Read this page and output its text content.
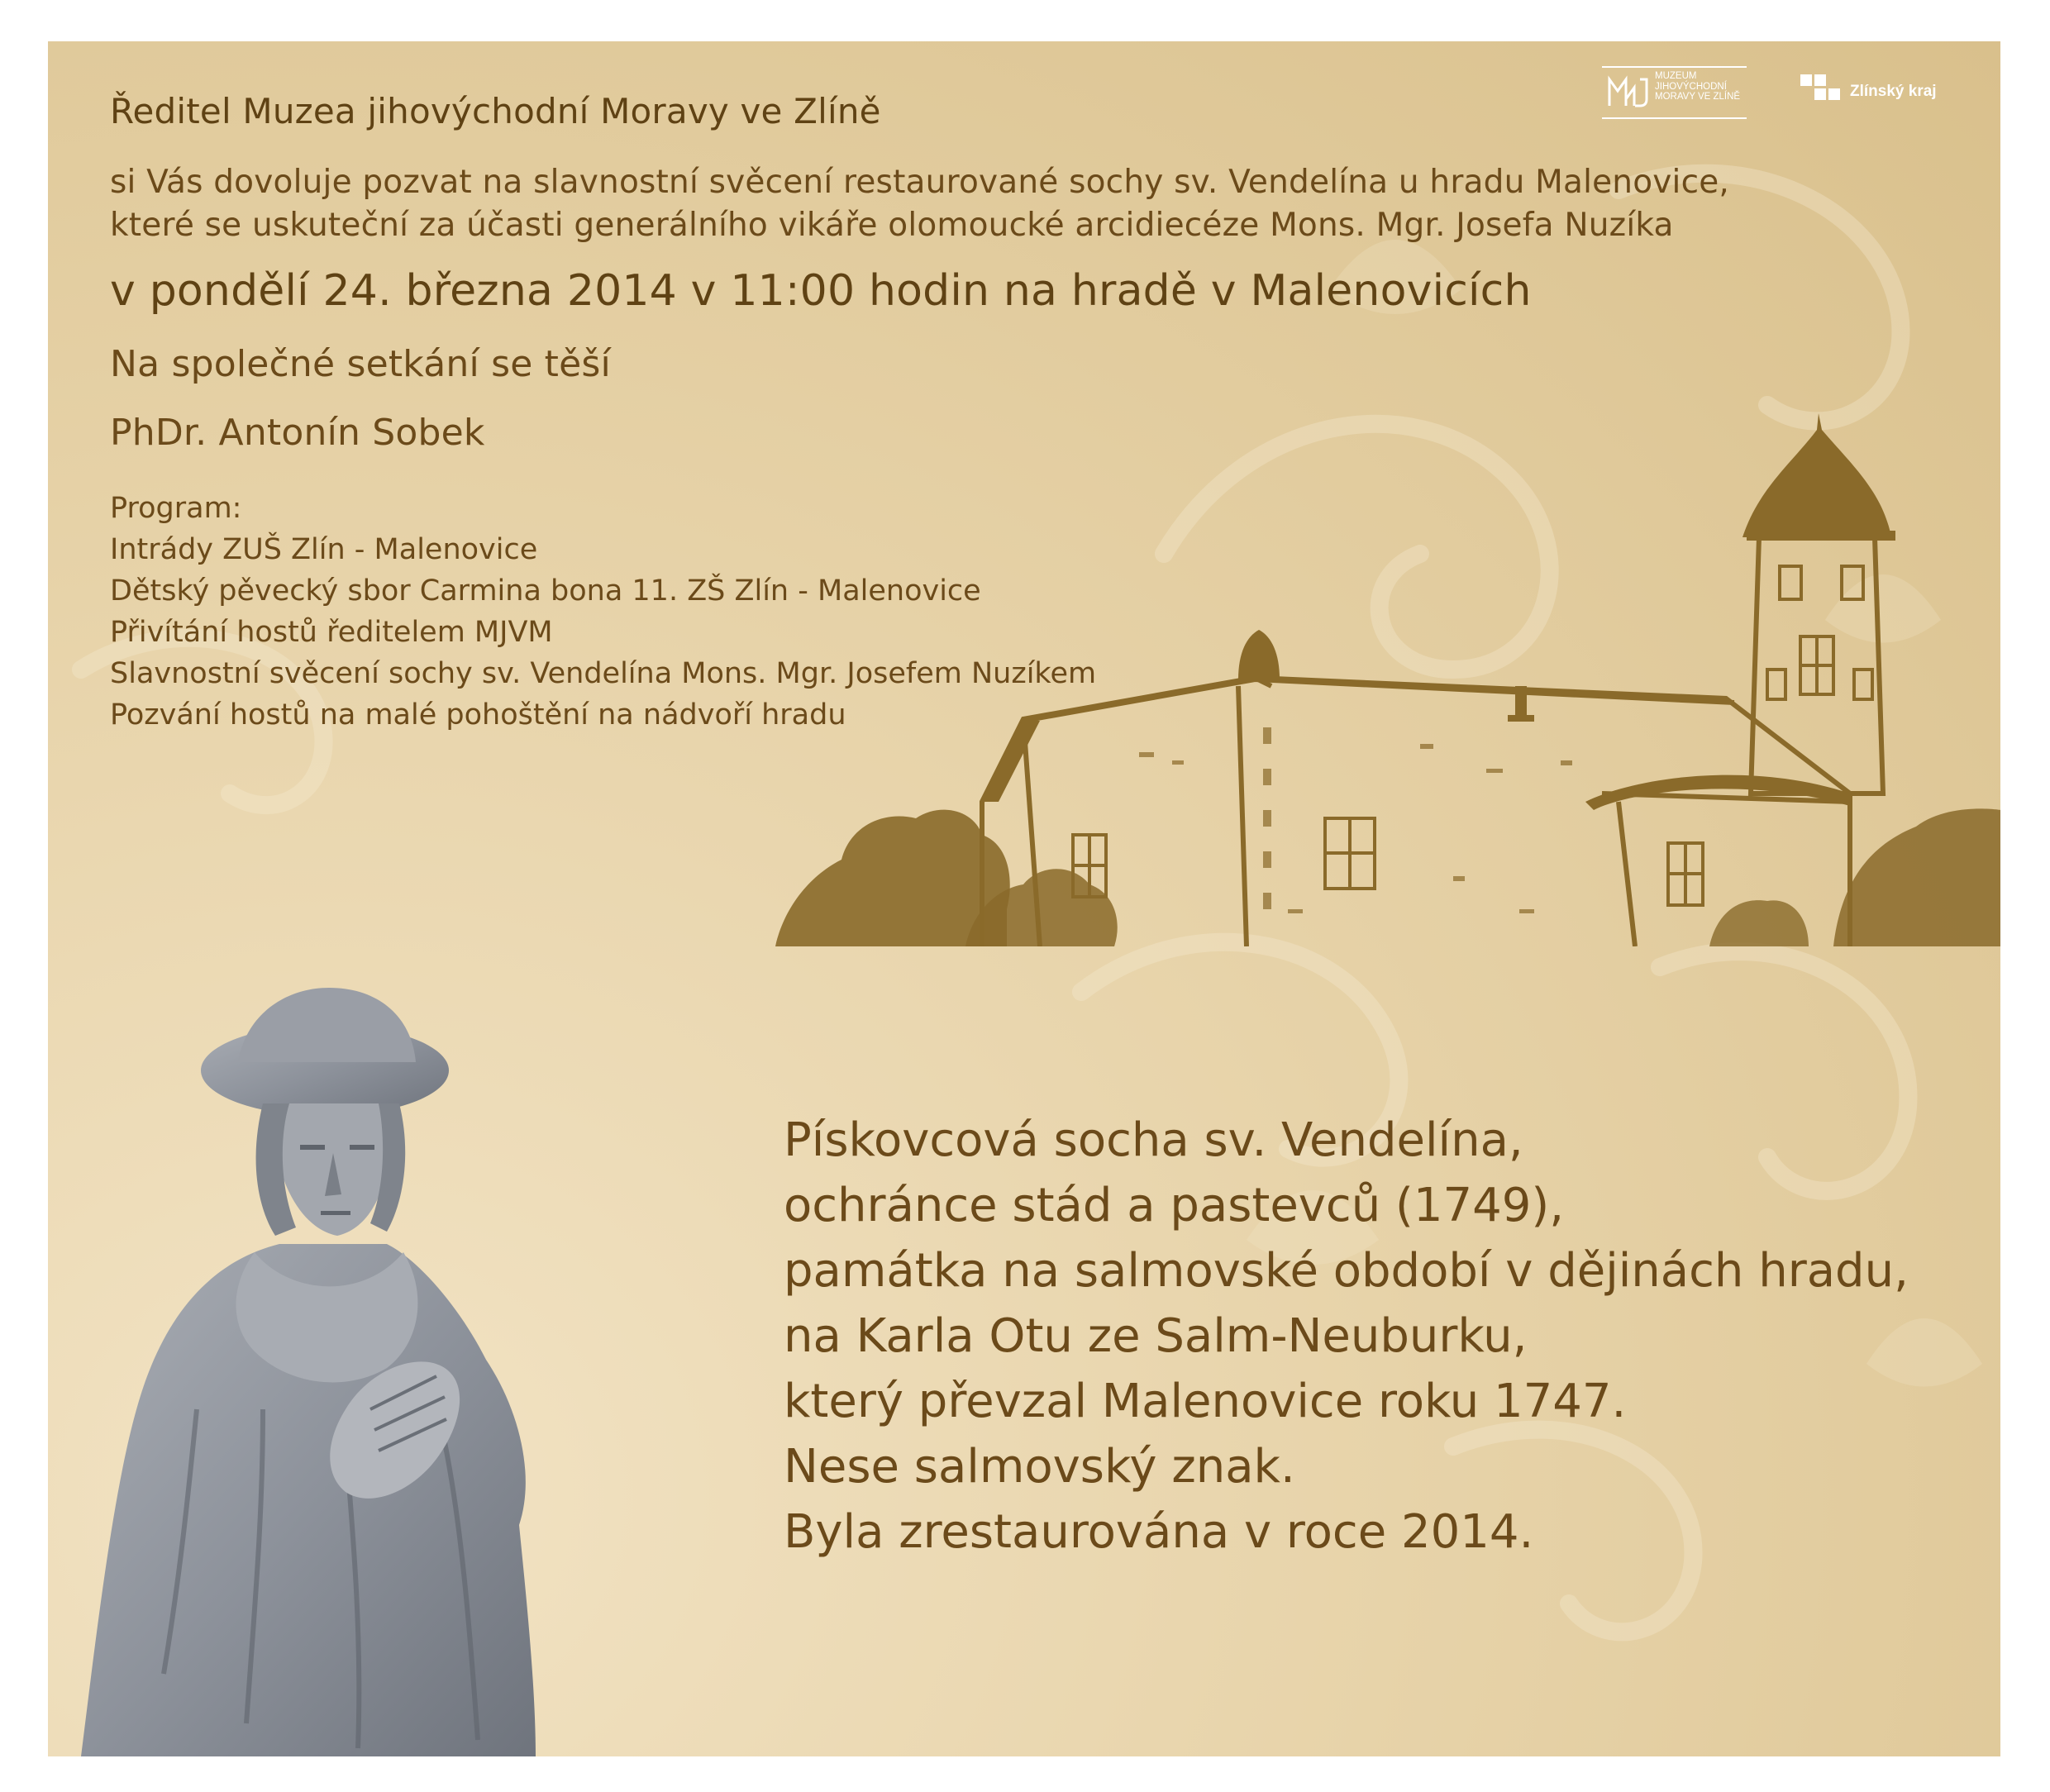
MUZEUM
JIHOVÝCHODNÍ
MORAVY VE ZLÍNĚ	Zlínský kraj
Ředitel Muzea jihovýchodní Moravy ve Zlíně
si Vás dovoluje pozvat na slavnostní svěcení restaurované sochy sv. Vendelína u hradu Malenovice,
které se uskuteční za účasti generálního vikáře olomoucké arcidiecéze Mons. Mgr. Josefa Nuzíka
v pondělí 24. března 2014 v 11:00 hodin na hradě v Malenovicích
Na společné setkání se těší
PhDr. Antonín Sobek
Program:
Intrády ZUŠ Zlín - Malenovice
Dětský pěvecký sbor Carmina bona 11. ZŠ Zlín - Malenovice
Přivítání hostů ředitelem MJVM
Slavnostní svěcení sochy sv. Vendelína Mons. Mgr. Josefem Nuzíkem
Pozvání hostů na malé pohoštění na nádvoří hradu
Pískovcová socha sv. Vendelína,
ochránce stád a pastevců (1749),
památka na salmovské období v dějinách hradu,
na Karla Otu ze Salm-Neuburku,
který převzal Malenovice roku 1747.
Nese salmovský znak.
Byla zrestaurována v roce 2014.
